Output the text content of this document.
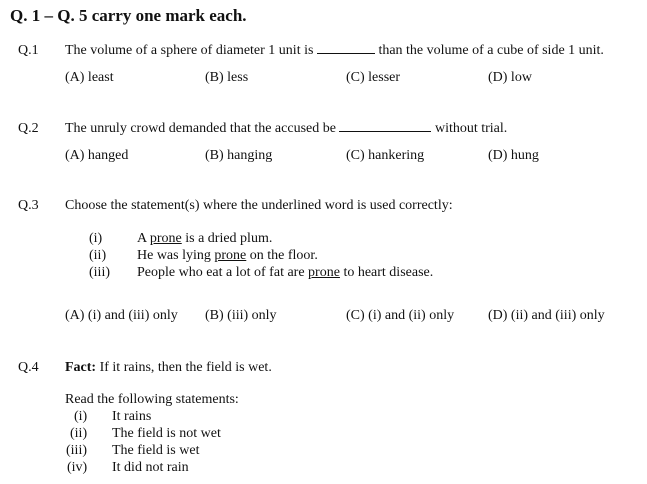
Q. 1 – Q. 5 carry one mark each.
Q.1 The volume of a sphere of diameter 1 unit is	than the volume of a cube of side 1 unit.
(A) least	(B) less	(C) lesser	(D) low
Q.2 The unruly crowd demanded that the accused be	without trial.
(A) hanged	(B) hanging	(C) hankering	(D) hung
Q.3 Choose the statement(s) where the underlined word is used correctly:
(i) A prone is a dried plum.
(ii) He was lying prone on the floor.
(iii) People who eat a lot of fat are prone to heart disease.
(A) (i) and (iii) only (B) (iii) only	(C) (i) and (ii) only (D) (ii) and (iii) only
Q.4 Fact: If it rains, then the field is wet.
Read the following statements:
(i) It rains
(ii) The field is not wet
(iii) The field is wet
(iv) It did not rain
